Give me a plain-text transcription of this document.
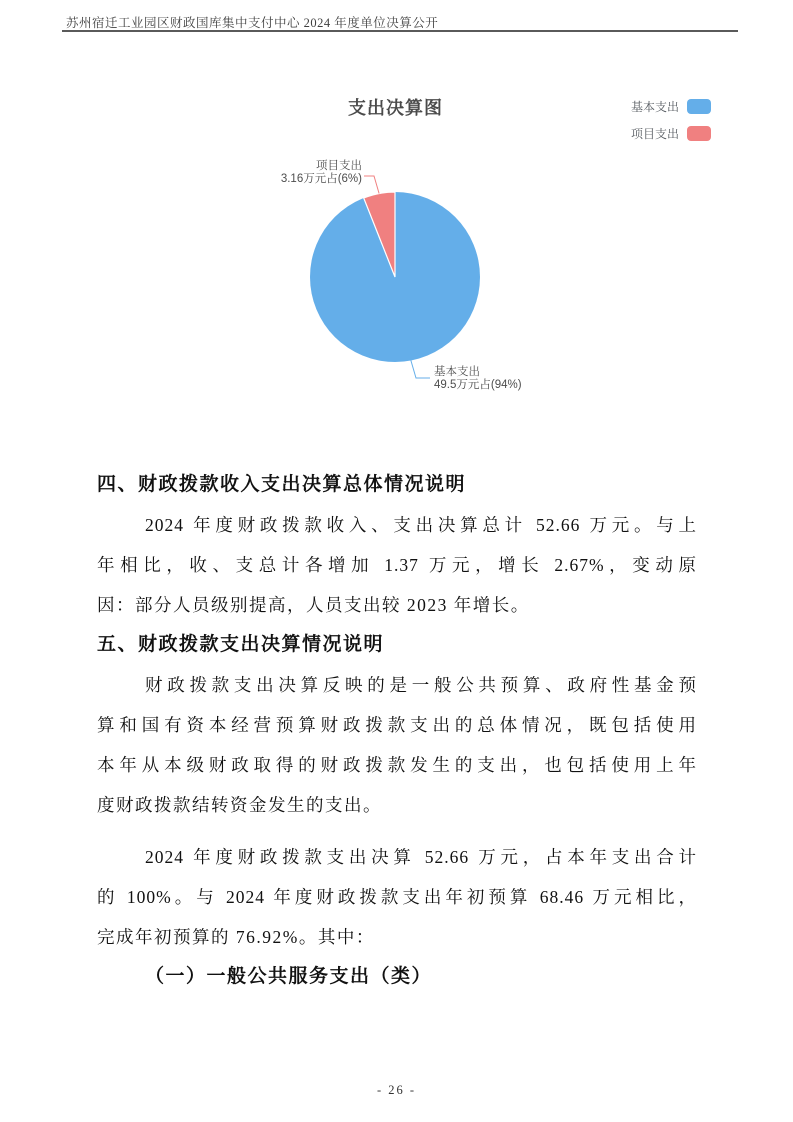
苏州宿迁工业园区财政国库集中支付中心 2024 年度单位决算公开
项目支出
3.16万元占(6%)
基本支出
49.5万元占(94%)
支出决算图	基本支出
项目支出
四、财政拨款收入支出决算总体情况说明
2024 年度财政拨款收入、支出决算总计 52.66 万元。与上
年相比，收、支总计各增加 1.37 万元，增长 2.67%，变动原
因：部分人员级别提高，人员支出较 2023 年增长。
五、财政拨款支出决算情况说明
财政拨款支出决算反映的是一般公共预算、政府性基金预
算和国有资本经营预算财政拨款支出的总体情况，既包括使用
本年从本级财政取得的财政拨款发生的支出，也包括使用上年
度财政拨款结转资金发生的支出。
2024 年度财政拨款支出决算 52.66 万元，占本年支出合计
的 100%。与 2024 年度财政拨款支出年初预算 68.46 万元相比，
完成年初预算的 76.92%。其中：
（一）一般公共服务支出（类）
- 26 -
